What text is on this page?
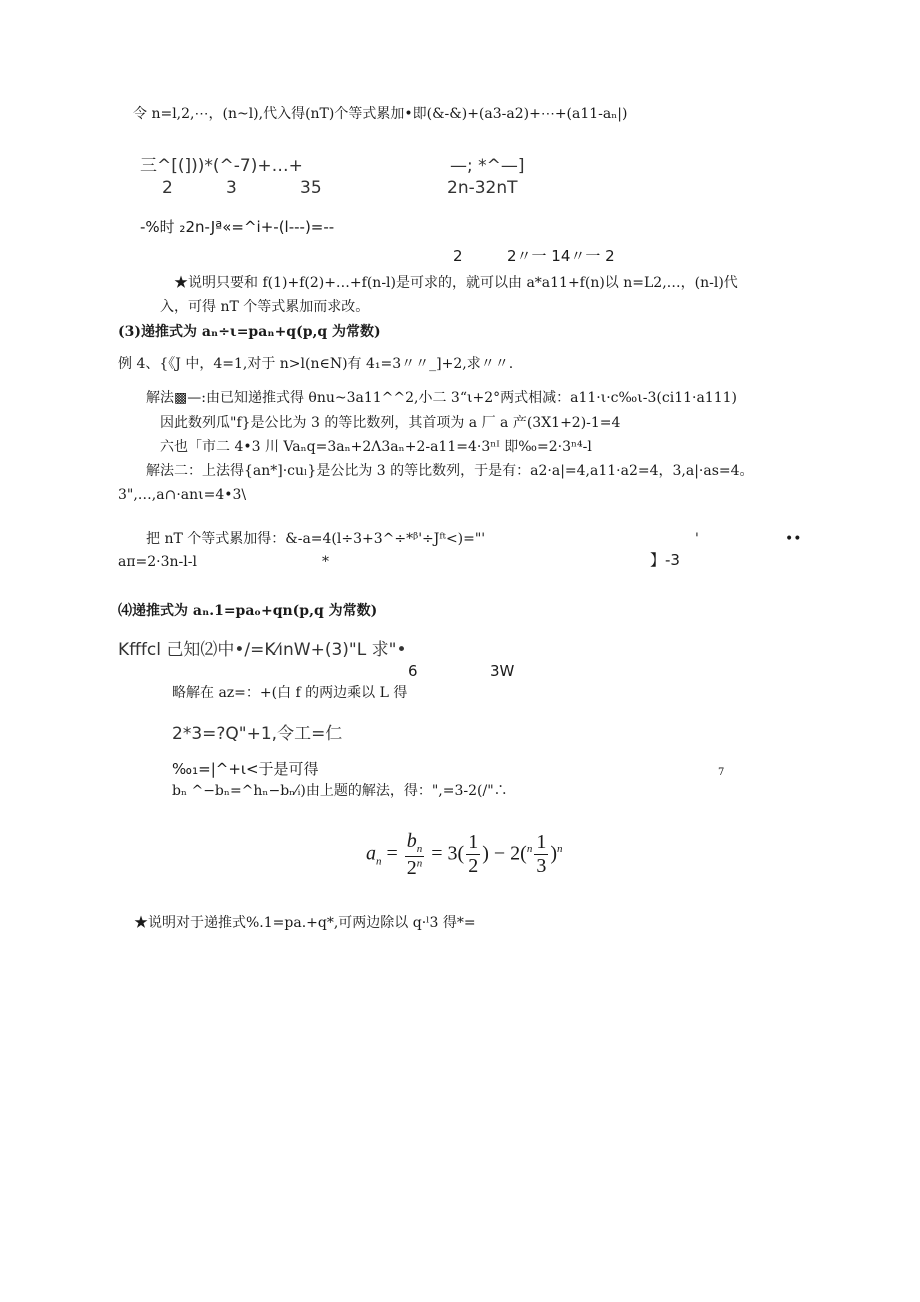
令 n=l,2,⋯，(n~l),代入得(nT)个等式累加•即(&-&)+(a3-a2)+⋯+(a11-aₙ|)
三^[(]))*(^-7)+…+	—; *^—]
2	3	35	2n-32nT
-%时 ₂2n-Jª«=^i+-(l---)=--
2	2〃一 14〃一 2
★说明只要和 f(1)+f(2)+…+f(n-l)是可求的，就可以由 a*a11+f(n)以 n=L2,…，(n-l)代
入，可得 nT 个等式累加而求改。
(3)递推式为 aₙ÷ι=paₙ+q(p,q 为常数)
例 4、{《J 中，4=1,对于 n>l(n∈N)有 4₁=3〃〃_]+2,求〃〃.
解法▩—:由已知递推式得 θnu~3a11^^2,小二 3“ι+2°两式相减：a11·ι·c‰ι-3(ci11·a111)
因此数列瓜"f}是公比为 3 的等比数列，其首项为 a 厂 a 产(3X1+2)-1=4
六也「市二 4•3 川 Vaₙq=3aₙ+2Λ3aₙ+2-a11=4·3ⁿᴵ 即‰=2·3ⁿ⁴-l
解法二：上法得{an*]·cuₗ}是公比为 3 的等比数列，于是有：a2·a|=4,a11·a2=4，3,a|·as=4。
3",…,a∩·anι=4•3\
把 nT 个等式累加得：&-a=4(l÷3+3^÷*ᵝ'÷Jᶠᵗ<)="'	'	••
aπ=2·3n-l-l	*	】-3
⑷递推式为 aₙ.1=paₒ+qn(p,q 为常数)
Kfffcl 己知⑵中•/=K⁄ınW+(3)"L 求"•
6	3W
略解在 az=：+(白 f 的两边乘以 L 得
2*3=?Q"+1,令工=仁
‰₁=|^+ι<于是可得	7
bₙ ^−bₙ=^hₙ−bₙ⁄ᵢ)由上题的解法，得：",=3-2(/"∴
$a_n = \frac{b_n}{2^n} = 3( \frac{1}{2}$ ) − $2(^n \frac{1}{3} )^n$
★说明对于递推式%.1=pa.+q*,可两边除以 q·ˡ3 得*=
